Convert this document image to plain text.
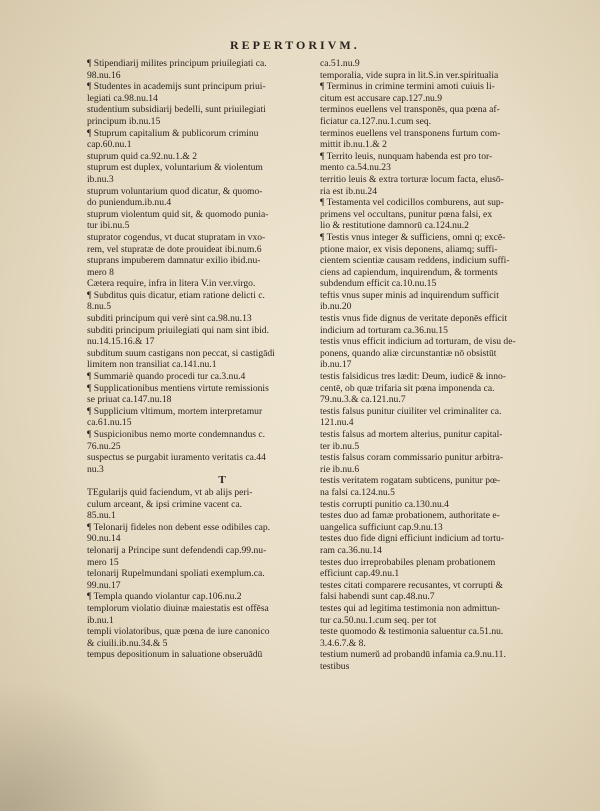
REPERTORIVM.
¶ Stipendiarij milites principum priuilegiati ca.
98.nu.16
¶ Studentes in academijs sunt principum priui-
legiati ca.98.nu.14
studentium subsidiarij bedelli, sunt priuilegiati
principum ib.nu.15
¶ Stuprum capitalium & publicorum criminu
cap.60.nu.1
stuprum quid ca.92.nu.1.& 2
stuprum est duplex, voluntarium & violentum
ib.nu.3
stuprum voluntarium quod dicatur, & quomo-
do puniendum.ib.nu.4
stuprum violentum quid sit, & quomodo punia-
tur ibi.nu.5
stuprator cogendus, vt ducat stupratam in vxo-
rem, vel stupratæ de dote prouideat ibi.num.6
stuprans impuberem damnatur exilio ibid.nu-
mero 8
Cætera require, infra in litera V.in ver.virgo.
¶ Subditus quis dicatur, etiam ratione delicti c.
8.nu.5
subditi principum qui verè sint ca.98.nu.13
subditi principum priuilegiati qui nam sint ibid.
nu.14.15.16.& 17
subditum suum castigans non peccat, si castigādi
limitem non transiliat ca.141.nu.1
¶ Summariè quando procedi tur ca.3.nu.4
¶ Supplicationibus mentiens virtute remissionis
se priuat ca.147.nu.18
¶ Supplicium vltimum, mortem interpretamur
ca.61.nu.15
¶ Suspicionibus nemo morte condemnandus c.
76.nu.25
suspectus se purgabit iuramento veritatis ca.44
nu.3
T
TEgularijs quid faciendum, vt ab alijs peri-
culum arceant, & ipsi crimine vacent ca.
85.nu.1
¶ Telonarij fideles non debent esse odibiles cap.
90.nu.14
telonarij a Principe sunt defendendi cap.99.nu-
mero 15
telonarij Rupelmundani spoliati exemplum.ca.
99.nu.17
¶ Templa quando violantur cap.106.nu.2
templorum violatio diuinæ maiestatis est offēsa
ib.nu.1
templi violatoribus, quæ pœna de iure canonico
& ciuili.ib.nu.34.& 5
tempus depositionum in saluatione obseruādū
ca.51.nu.9
temporalia, vide supra in lit.S.in ver.spiritualia
¶ Terminus in crimine termini amoti cuiuis li-
citum est accusare cap.127.nu.9
terminos euellens vel transponēs, qua pœna af-
ficiatur ca.127.nu.1.cum seq.
terminos euellens vel transponens furtum com-
mittit ib.nu.1.& 2
¶ Territo leuis, nunquam habenda est pro tor-
mento ca.54.nu.23
territio leuis & extra torturæ locum facta, elusō-
ria est ib.nu.24
¶ Testamenta vel codicillos comburens, aut sup-
primens vel occultans, punitur pœna falsi, ex
lio & restitutione damnorū ca.124.nu.2
¶ Testis vnus integer & sufficiens, omni q; excē-
ptione maior, ex visis deponens, aliamq; suffi-
cientem scientiæ causam reddens, indicium suffi-
ciens ad capiendum, inquirendum, & torments
subdendum efficit ca.10.nu.15
teftis vnus super minis ad inquirendum sufficit
ib.nu.20
testis vnus fide dignus de veritate deponēs efficit
indicium ad torturam ca.36.nu.15
testis vnus efficit indicium ad torturam, de visu de-
ponens, quando aliæ circunstantiæ nō obsistūt
ib.nu.17
testis falsidicus tres lædit: Deum, iudicē & inno-
centē, ob quæ trifaria sit pœna imponenda ca.
79.nu.3.& ca.121.nu.7
testis falsus punitur ciuiliter vel criminaliter ca.
121.nu.4
testis falsus ad mortem alterius, punitur capital-
ter ib.nu.5
testis falsus coram commissario punitur arbitra-
rie ib.nu.6
testis veritatem rogatam subticens, punitur pœ-
na falsi ca.124.nu.5
testis corrupti punitio ca.130.nu.4
testes duo ad famæ probationem, authoritate e-
uangelica sufficiunt cap.9.nu.13
testes duo fide digni efficiunt indicium ad tortu-
ram ca.36.nu.14
testes duo irreprobabiles plenam probationem
efficiunt cap.49.nu.1
testes citati comparere recusantes, vt corrupti &
falsi habendi sunt cap.48.nu.7
testes qui ad legitima testimonia non admittun-
tur ca.50.nu.1.cum seq. per tot
teste quomodo & testimonia saluentur ca.51.nu.
3.4.6.7.& 8.
testium numerǔ ad probandū infamia ca.9.nu.11.
testibus
